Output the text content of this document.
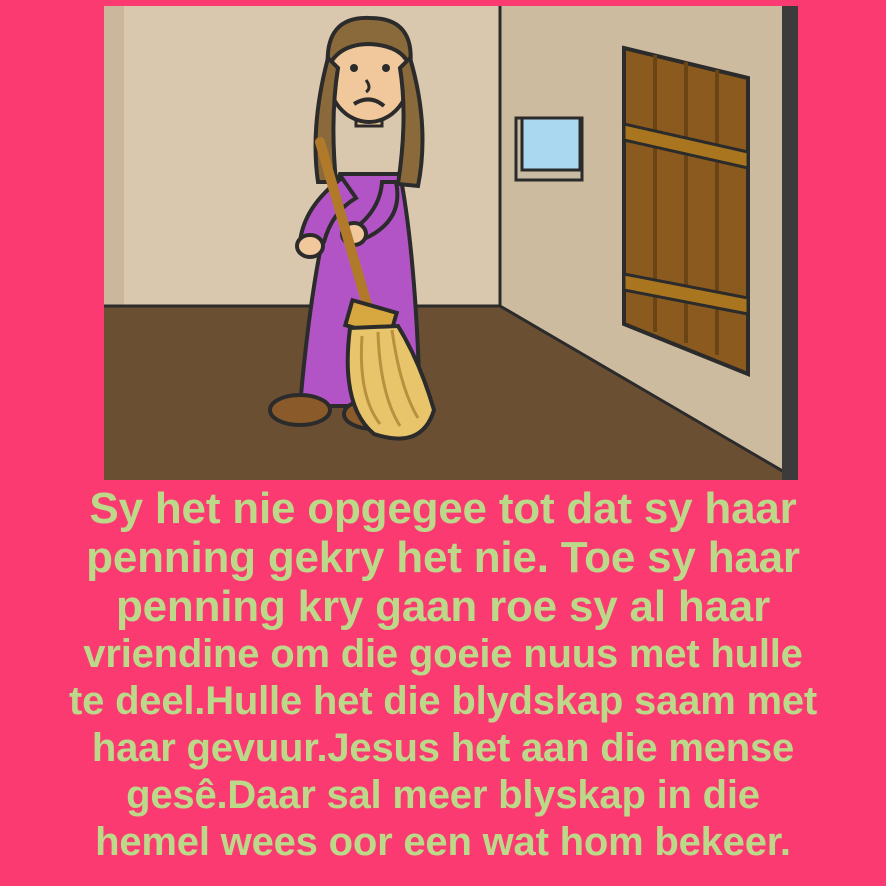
Sy het nie opgegee tot dat sy haar
penning gekry het nie. Toe sy haar
penning kry gaan roe sy al haar
vriendine om die goeie nuus met hulle
te deel.Hulle het die blydskap saam met
haar gevuur.Jesus het aan die mense
gesê.Daar sal meer blyskap in die
hemel wees oor een wat hom bekeer.
